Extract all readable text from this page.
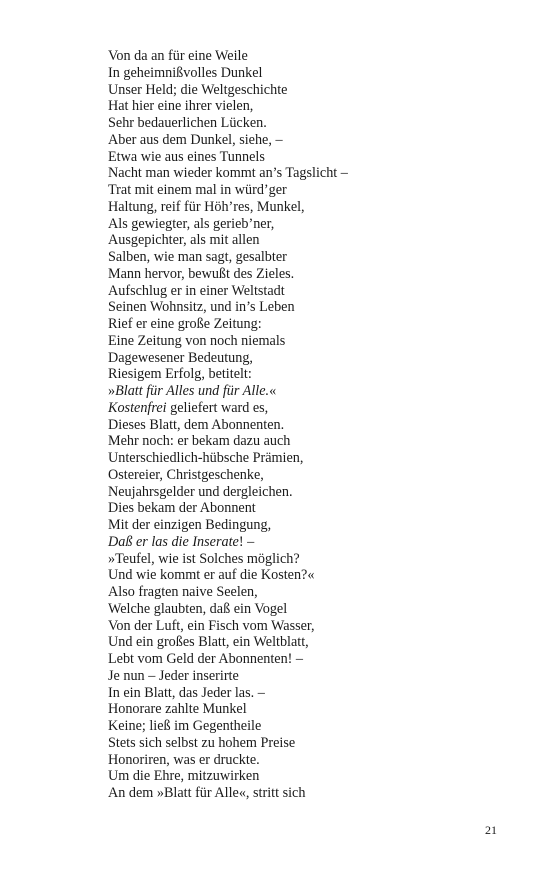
Von da an für eine Weile
In geheimnißvolles Dunkel
Unser Held; die Weltgeschichte
Hat hier eine ihrer vielen,
Sehr bedauerlichen Lücken.
Aber aus dem Dunkel, siehe, –
Etwa wie aus eines Tunnels
Nacht man wieder kommt an’s Tagslicht –
Trat mit einem mal in würd’ger
Haltung, reif für Höh’res, Munkel,
Als gewiegter, als gerieb’ner,
Ausgepichter, als mit allen
Salben, wie man sagt, gesalbter
Mann hervor, bewußt des Zieles.
Aufschlug er in einer Weltstadt
Seinen Wohnsitz, und in’s Leben
Rief er eine große Zeitung:
Eine Zeitung von noch niemals
Dagewesener Bedeutung,
Riesigem Erfolg, betitelt:
»Blatt für Alles und für Alle.«
Kostenfrei geliefert ward es,
Dieses Blatt, dem Abonnenten.
Mehr noch: er bekam dazu auch
Unterschiedlich-hübsche Prämien,
Ostereier, Christgeschenke,
Neujahrsgelder und dergleichen.
Dies bekam der Abonnent
Mit der einzigen Bedingung,
Daß er las die Inserate! –
»Teufel, wie ist Solches möglich?
Und wie kommt er auf die Kosten?«
Also fragten naive Seelen,
Welche glaubten, daß ein Vogel
Von der Luft, ein Fisch vom Wasser,
Und ein großes Blatt, ein Weltblatt,
Lebt vom Geld der Abonnenten! –
Je nun – Jeder inserirte
In ein Blatt, das Jeder las. –
Honorare zahlte Munkel
Keine; ließ im Gegentheile
Stets sich selbst zu hohem Preise
Honoriren, was er druckte.
Um die Ehre, mitzuwirken
An dem »Blatt für Alle«, stritt sich
21
